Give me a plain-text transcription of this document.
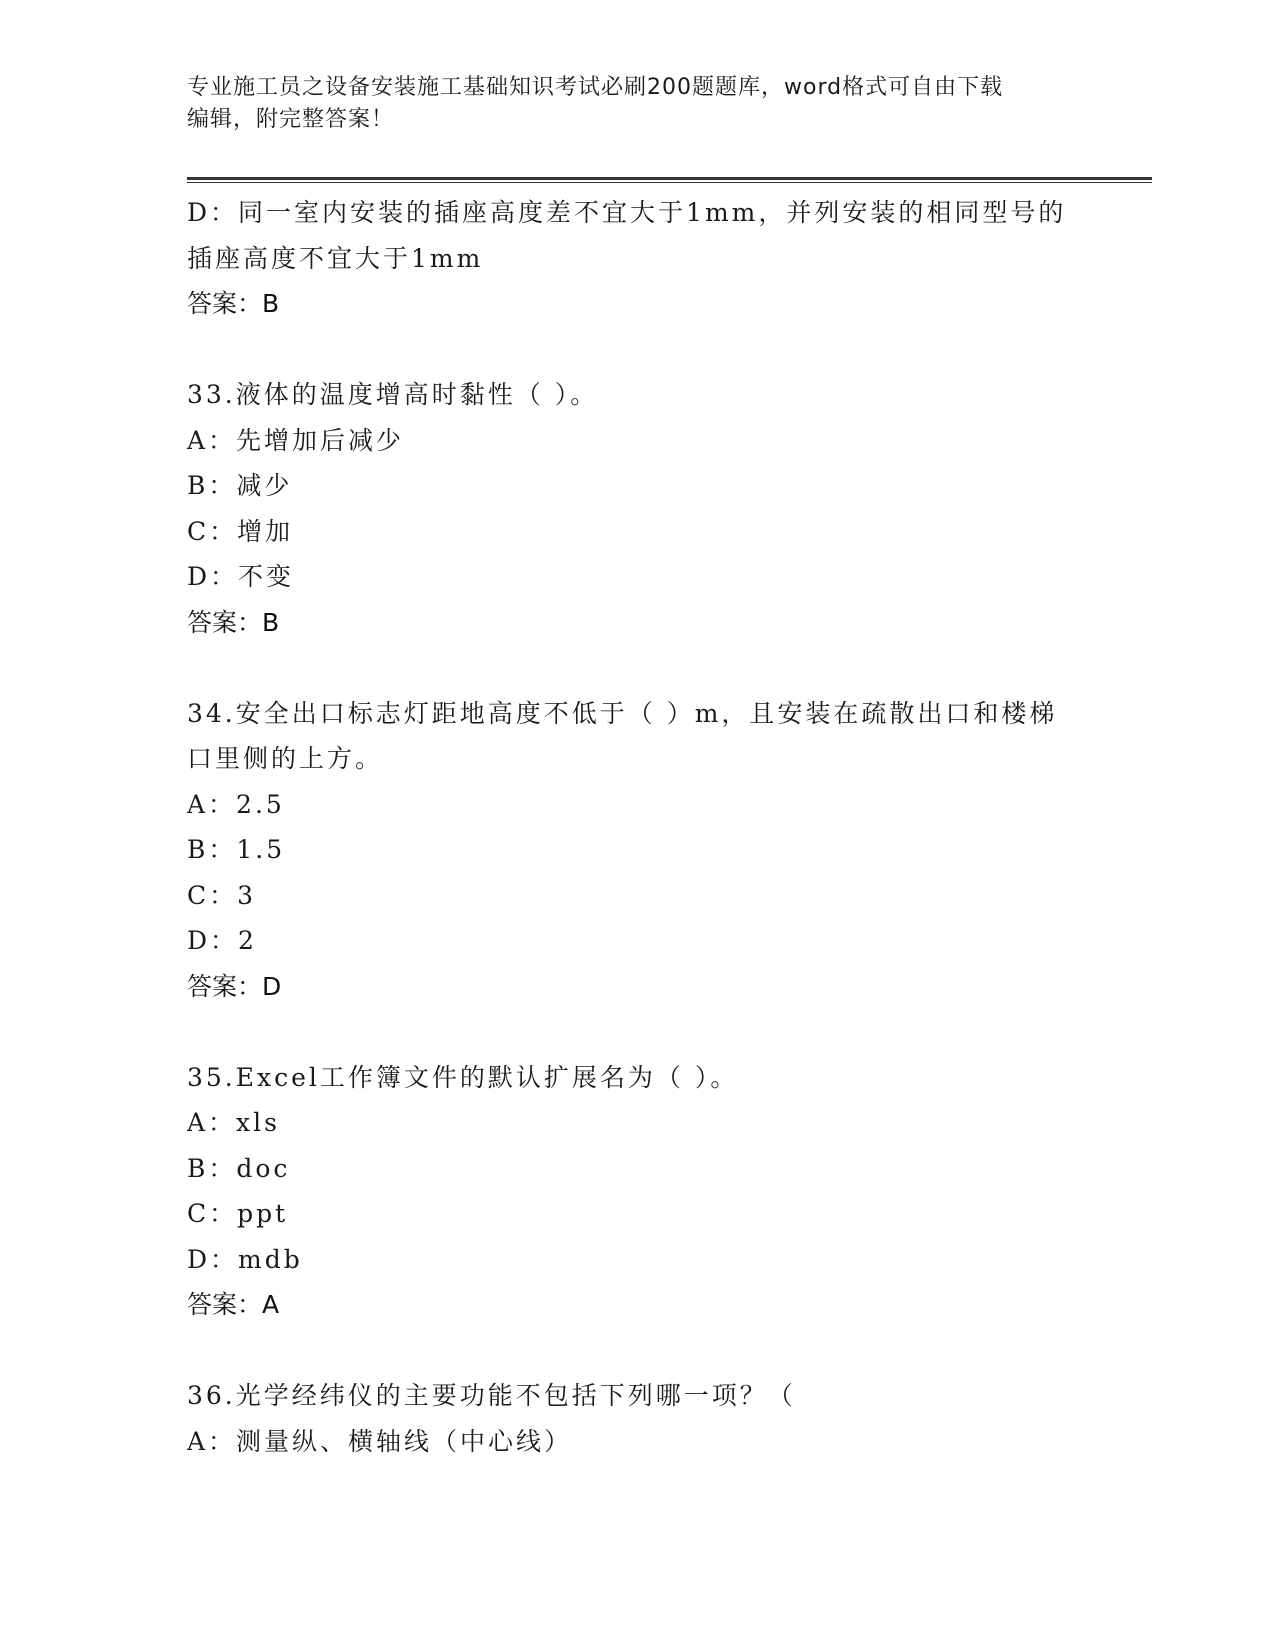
专业施工员之设备安装施工基础知识考试必刷200题题库，word格式可自由下载
编辑，附完整答案！
D：同一室内安装的插座高度差不宜大于1mm，并列安装的相同型号的
插座高度不宜大于1mm
答案：B
33.液体的温度增高时黏性（ ）。
A：先增加后减少
B：减少
C：增加
D：不变
答案：B
34.安全出口标志灯距地高度不低于（ ）m，且安装在疏散出口和楼梯
口里侧的上方。
A：2.5
B：1.5
C：3
D：2
答案：D
35.Excel工作簿文件的默认扩展名为（ ）。
A：xls
B：doc
C：ppt
D：mdb
答案：A
36.光学经纬仪的主要功能不包括下列哪一项？（
A：测量纵、横轴线（中心线）
